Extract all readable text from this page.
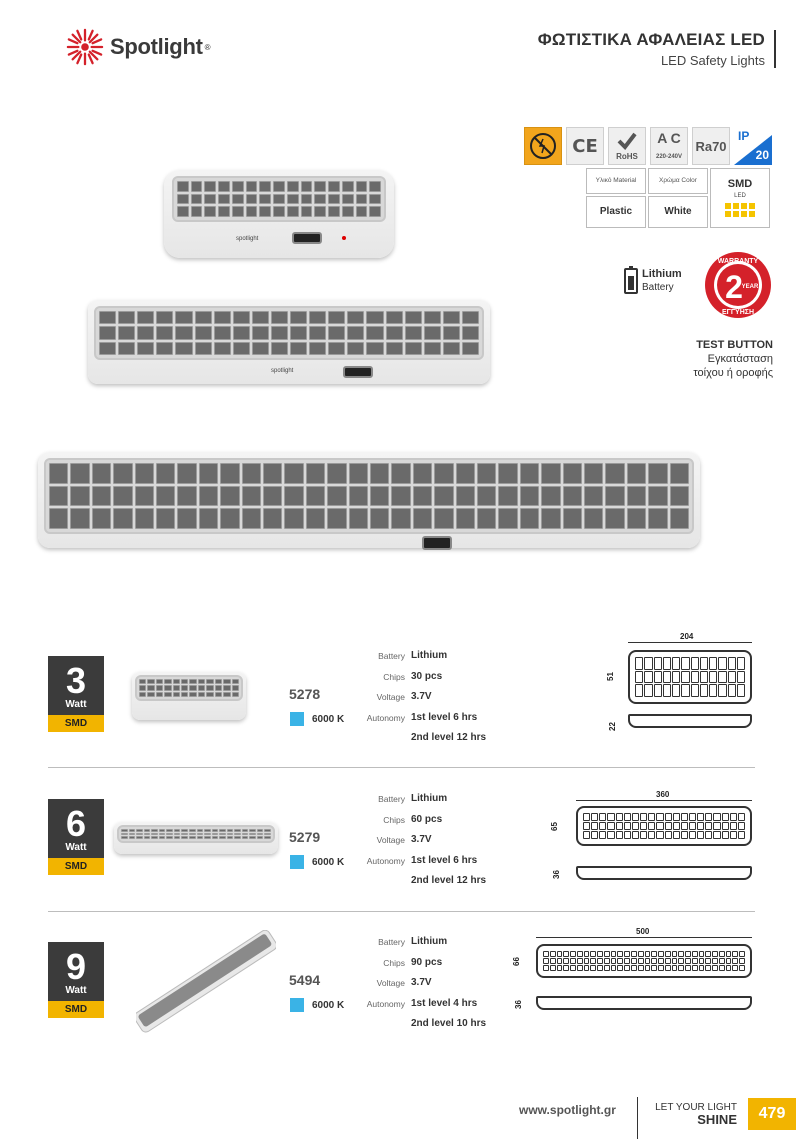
Spotlight ®	ΦΩΤΙΣΤΙΚΑ ΑΦΑΛΕΙΑΣ LED
LED Safety Lights
CE RoHS
A C
220-240V
Ra70
IP
20
Υλικό Material	Χρώμα Color	SMD
LED
Plastic	White
Lithium
Battery
WARRANTY
2
YEAR
ΕΓΓΥΗΣΗ
TEST BUTTON
Εγκατάσταση
τοίχου ή οροφής
spotlight
spotlight
3
Watt
SMD
5278
6000 K
Battery Lithium
Chips 30 pcs
Voltage 3.7V
Autonomy 1st level 6 hrs
2nd level 12 hrs
204
51
22
6
Watt
SMD
5279
6000 K
Battery Lithium
Chips 60 pcs
Voltage 3.7V
Autonomy 1st level 6 hrs
2nd level 12 hrs
360
65
36
9
Watt
SMD
5494
6000 K
Battery Lithium
Chips 90 pcs
Voltage 3.7V
Autonomy 1st level 4 hrs
2nd level 10 hrs
500
66
36
www.spotlight.gr	LET YOUR LIGHT
SHINE	479
